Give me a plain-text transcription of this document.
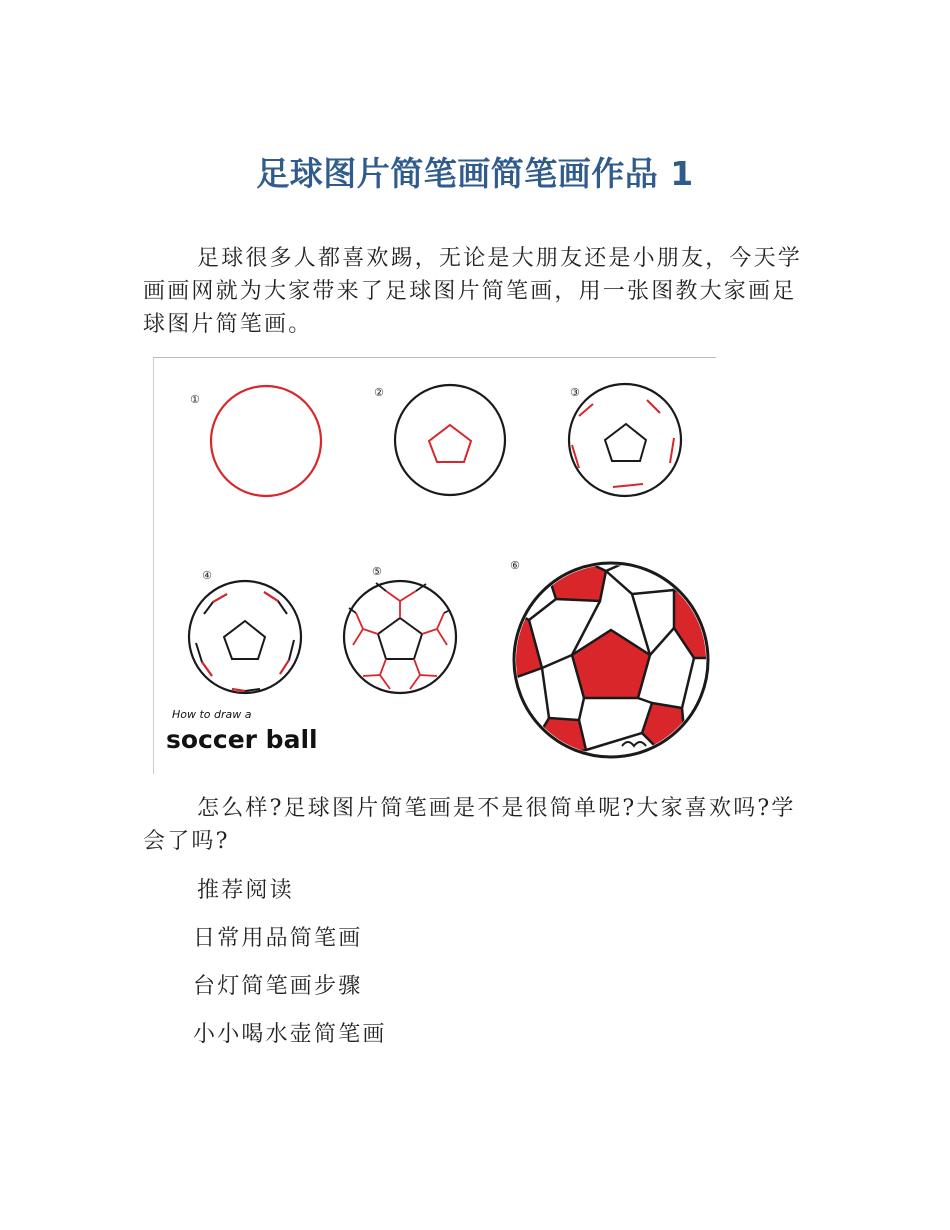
足球图片简笔画简笔画作品 1

足球很多人都喜欢踢，无论是大朋友还是小朋友，今天学画画网就为大家带来了足球图片简笔画，用一张图教大家画足球图片简笔画。

①
②	③
④	⑤	⑥
How to draw a
soccer ball

怎么样?足球图片简笔画是不是很简单呢?大家喜欢吗?学会了吗?

推荐阅读

日常用品简笔画

台灯简笔画步骤

小小喝水壶简笔画
